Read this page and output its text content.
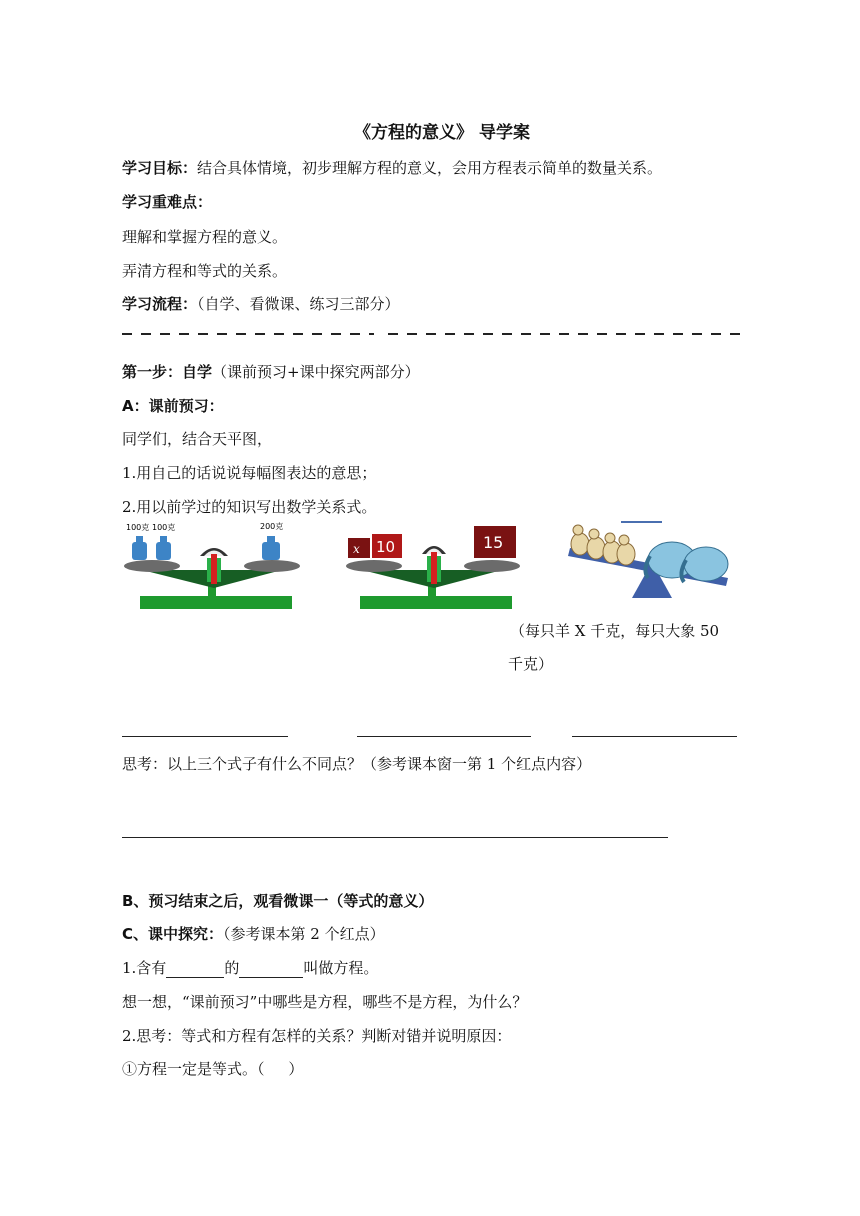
《方程的意义》 导学案
学习目标：结合具体情境，初步理解方程的意义，会用方程表示简单的数量关系。
学习重难点：
理解和掌握方程的意义。
弄清方程和等式的关系。
学习流程：（自学、看微课、练习三部分）
第一步：自学（课前预习+课中探究两部分）
A：课前预习：
同学们，结合天平图，
1.用自己的话说说每幅图表达的意思；
2.用以前学过的知识写出数学关系式。
100克 100克	200克
x 10	15
（每只羊 X 千克，每只大象 50
千克）
思考：以上三个式子有什么不同点？（参考课本窗一第 1 个红点内容）
B、预习结束之后，观看微课一（等式的意义）
C、课中探究：（参考课本第 2 个红点）
1.含有	的	叫做方程。
想一想，“课前预习”中哪些是方程，哪些不是方程，为什么？
2.思考：等式和方程有怎样的关系？判断对错并说明原因：
①方程一定是等式。（     ）
